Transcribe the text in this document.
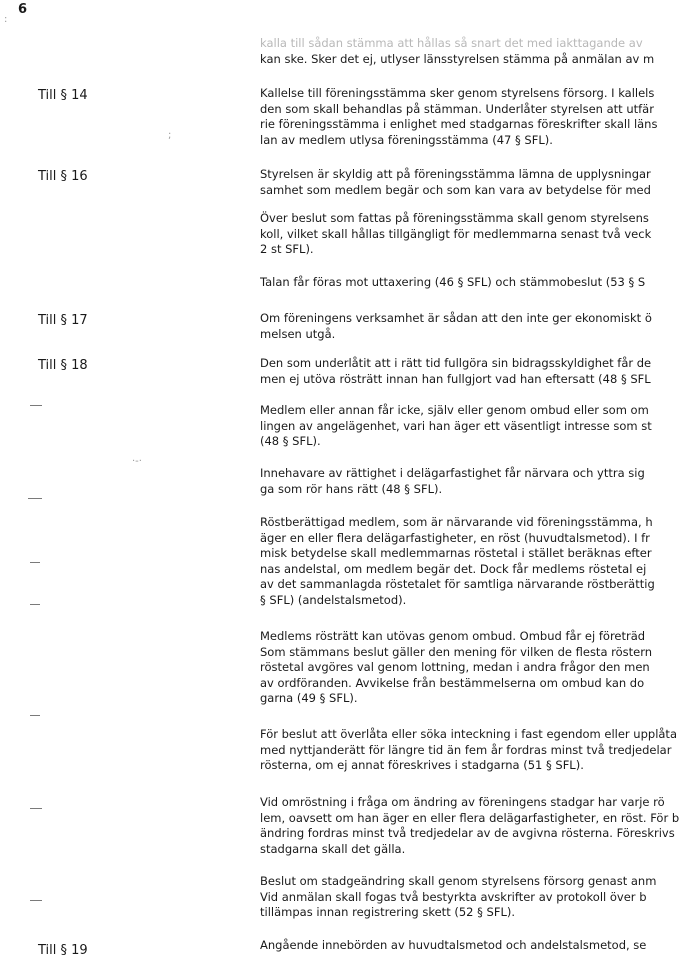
6
Till § 14
Till § 16
Till § 17
Till § 18
Till § 19
:
;
·-·
kalla till sådan stämma att hållas så snart det med iakttagande av
kan ske. Sker det ej, utlyser länsstyrelsen stämma på anmälan av m
Kallelse till föreningsstämma sker genom styrelsens försorg. I kallels
den som skall behandlas på stämman. Underlåter styrelsen att utfär
rie föreningsstämma i enlighet med stadgarnas föreskrifter skall läns
lan av medlem utlysa föreningsstämma (47 § SFL).
Styrelsen är skyldig att på föreningsstämma lämna de upplysningar
samhet som medlem begär och som kan vara av betydelse för med
Över beslut som fattas på föreningsstämma skall genom styrelsens
koll, vilket skall hållas tillgängligt för medlemmarna senast två veck
2 st SFL).
Talan får föras mot uttaxering (46 § SFL) och stämmobeslut (53 § S
Om föreningens verksamhet är sådan att den inte ger ekonomiskt ö
melsen utgå.
Den som underlåtit att i rätt tid fullgöra sin bidragsskyldighet får de
men ej utöva rösträtt innan han fullgjort vad han eftersatt (48 § SFL
Medlem eller annan får icke, själv eller genom ombud eller som om
lingen av angelägenhet, vari han äger ett väsentligt intresse som st
(48 § SFL).
Innehavare av rättighet i delägarfastighet får närvara och yttra sig
ga som rör hans rätt (48 § SFL).
Röstberättigad medlem, som är närvarande vid föreningsstämma, h
äger en eller flera delägarfastigheter, en röst (huvudtalsmetod). I fr
misk betydelse skall medlemmarnas röstetal i stället beräknas efter
nas andelstal, om medlem begär det. Dock får medlems röstetal ej
av det sammanlagda röstetalet för samtliga närvarande röstberättig
§ SFL) (andelstalsmetod).
Medlems rösträtt kan utövas genom ombud. Ombud får ej företräd
Som stämmans beslut gäller den mening för vilken de flesta röstern
röstetal avgöres val genom lottning, medan i andra frågor den men
av ordföranden. Avvikelse från bestämmelserna om ombud kan do
garna (49 § SFL).
För beslut att överlåta eller söka inteckning i fast egendom eller upplåta
med nyttjanderätt för längre tid än fem år fordras minst två tredjedelar
rösterna, om ej annat föreskrives i stadgarna (51 § SFL).
Vid omröstning i fråga om ändring av föreningens stadgar har varje rö
lem, oavsett om han äger en eller flera delägarfastigheter, en röst. För b
ändring fordras minst två tredjedelar av de avgivna rösterna. Föreskrivs
stadgarna skall det gälla.
Beslut om stadgeändring skall genom styrelsens försorg genast anm
Vid anmälan skall fogas två bestyrkta avskrifter av protokoll över b
tillämpas innan registrering skett (52 § SFL).
Angående innebörden av huvudtalsmetod och andelstalsmetod, se
